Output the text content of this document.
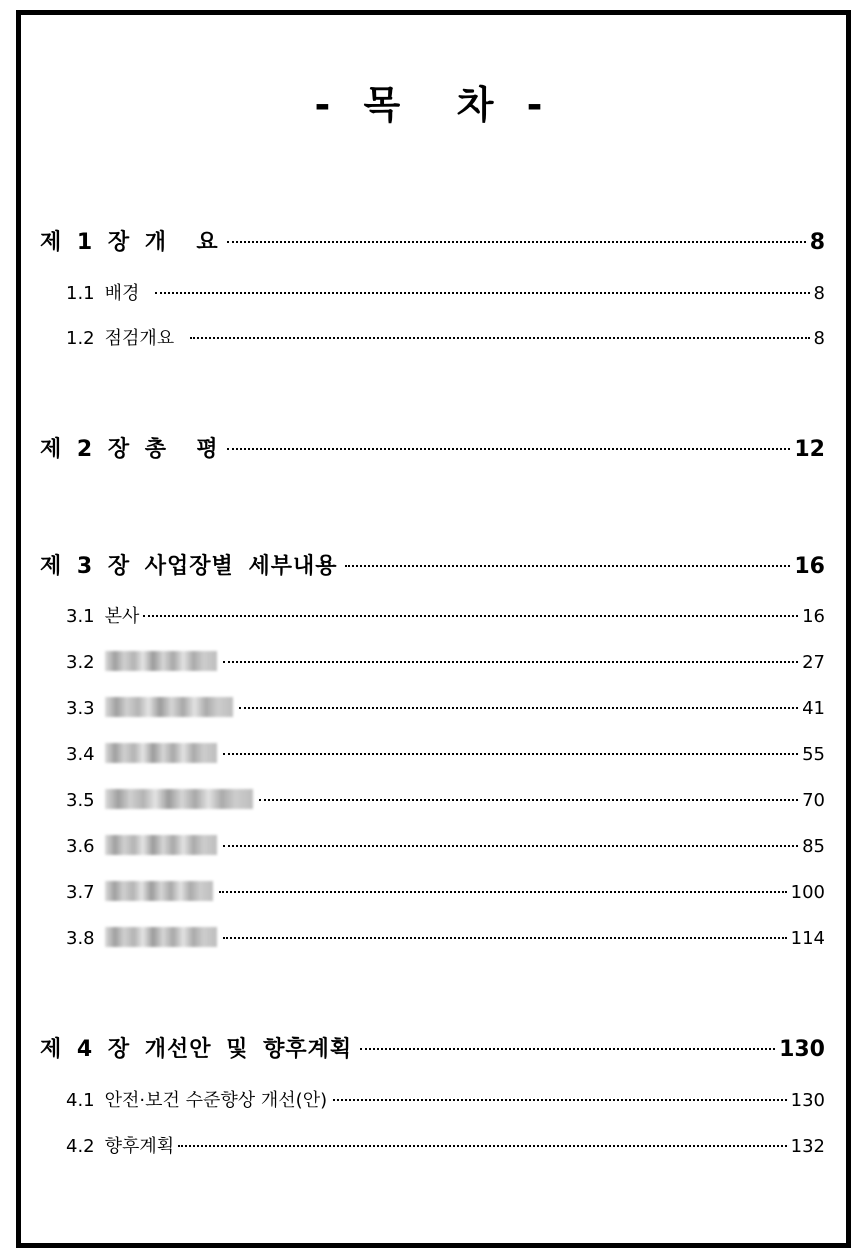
- 목  차 -
제 1 장 개  요	8
1.1 배경	8
1.2 점검개요	8
제 2 장 총  평	12
제 3 장 사업장별 세부내용	16
3.1 본사	16
3.2	27
3.3	41
3.4	55
3.5	70
3.6	85
3.7	100
3.8	114
제 4 장 개선안 및 향후계획	130
4.1 안전·보건 수준향상 개선(안)	130
4.2 향후계획	132
